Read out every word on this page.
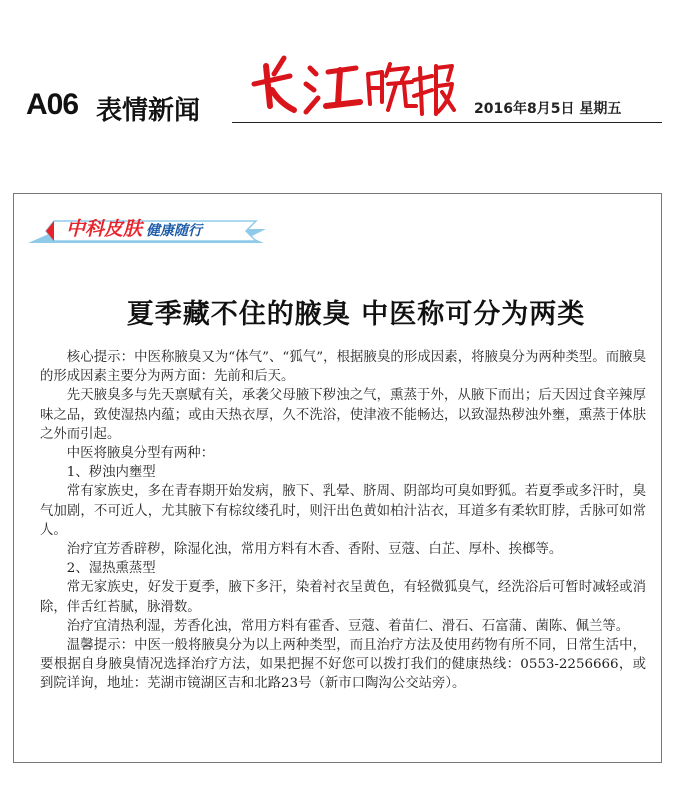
A06 表情新闻	2016年8月5日 星期五
中科皮肤 健康随行
夏季藏不住的腋臭 中医称可分为两类

核心提示：中医称腋臭又为“体气”、“狐气”，根据腋臭的形成因素，将腋臭分为两种类型。而腋臭的形成因素主要分为两方面：先前和后天。

先天腋臭多与先天禀赋有关，承袭父母腋下秽浊之气，熏蒸于外，从腋下而出；后天因过食辛辣厚味之品，致使湿热内蕴；或由天热衣厚，久不洗浴，使津液不能畅达，以致湿热秽浊外壅，熏蒸于体肤之外而引起。

中医将腋臭分型有两种：

1、秽浊内壅型

常有家族史，多在青春期开始发病，腋下、乳晕、脐周、阴部均可臭如野狐。若夏季或多汗时，臭气加剧，不可近人，尤其腋下有棕纹缕孔时，则汗出色黄如柏汁沾衣，耳道多有柔软盯脖，舌脉可如常人。

治疗宜芳香辟秽，除湿化浊，常用方料有木香、香附、豆蔻、白芷、厚朴、挨榔等。

2、湿热熏蒸型

常无家族史，好发于夏季，腋下多汗，染着衬衣呈黄色，有轻微狐臭气，经洗浴后可暂时减轻或消除，伴舌红苔腻，脉滑数。

治疗宜清热利湿，芳香化浊，常用方料有霍香、豆蔻、着苗仁、滑石、石富蒲、菌陈、佩兰等。

温馨提示：中医一般将腋臭分为以上两种类型，而且治疗方法及使用药物有所不同，日常生活中，要根据自身腋臭情况选择治疗方法，如果把握不好您可以拨打我们的健康热线：0553-2256666，或到院详询，地址：芜湖市镜湖区吉和北路23号（新市口陶沟公交站旁）。
